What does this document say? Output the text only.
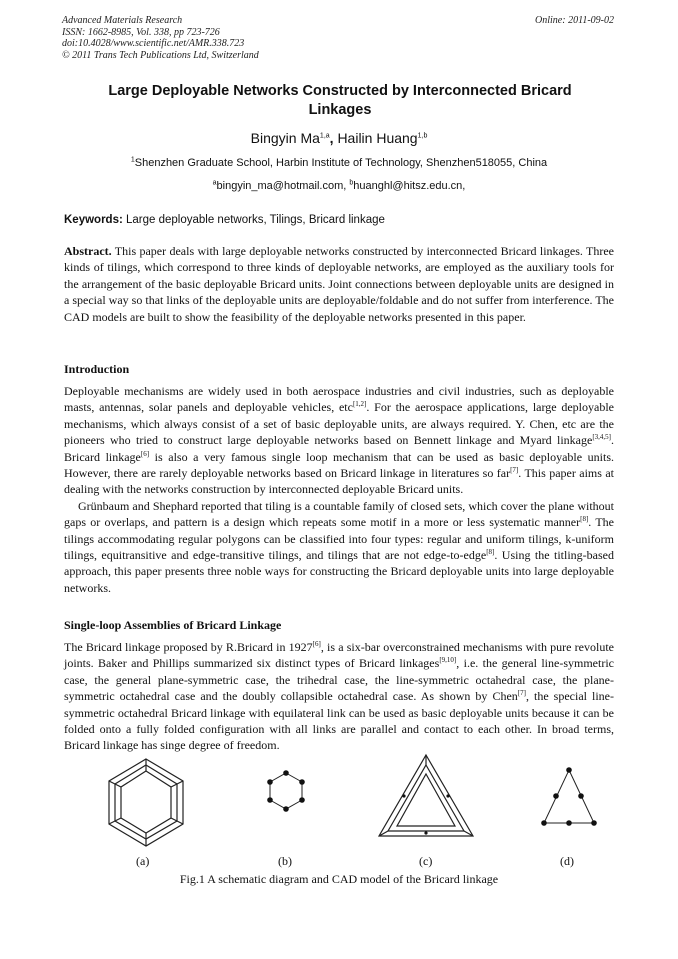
Advanced Materials Research
ISSN: 1662-8985, Vol. 338, pp 723-726
doi:10.4028/www.scientific.net/AMR.338.723
© 2011 Trans Tech Publications Ltd, Switzerland
Online: 2011-09-02
Large Deployable Networks Constructed by Interconnected Bricard Linkages
Bingyin Ma$^{1,a}$, Hailin Huang$^{1,b}$
$^1$Shenzhen Graduate School, Harbin Institute of Technology, Shenzhen518055, China
$^a$bingyin_ma@hotmail.com, $^b$huanghl@hitsz.edu.cn,
Keywords: Large deployable networks, Tilings, Bricard linkage

Abstract. This paper deals with large deployable networks constructed by interconnected Bricard linkages. Three kinds of tilings, which correspond to three kinds of deployable networks, are employed as the auxiliary tools for the arrangement of the basic deployable Bricard units. Joint connections between deployable units are designed in a special way so that links of the deployable units are deployable/foldable and do not suffer from interference. The CAD models are built to show the feasibility of the deployable networks presented in this paper.

Introduction

Deployable mechanisms are widely used in both aerospace industries and civil industries, such as deployable masts, antennas, solar panels and deployable vehicles, etc[1,2]. For the aerospace applications, large deployable mechanisms, which always consist of a set of basic deployable units, are always required. Y. Chen, etc are the pioneers who tried to construct large deployable networks based on Bennett linkage and Myard linkage[3,4,5]. Bricard linkage[6] is also a very famous single loop mechanism that can be used as basic deployable units. However, there are rarely deployable networks based on Bricard linkage in literatures so far[7]. This paper aims at dealing with the networks construction by interconnected deployable Bricard units.

Grünbaum and Shephard reported that tiling is a countable family of closed sets, which cover the plane without gaps or overlaps, and pattern is a design which repeats some motif in a more or less systematic manner[8]. The tilings accommodating regular polygons can be classified into four types: regular and uniform tilings, k-uniform tilings, equitransitive and edge-transitive tilings, and tilings that are not edge-to-edge[8]. Using the titling-based approach, this paper presents three noble ways for constructing the Bricard deployable units into large deployable networks.

Single-loop Assemblies of Bricard Linkage

The Bricard linkage proposed by R.Bricard in 1927[6], is a six-bar overconstrained mechanisms with pure revolute joints. Baker and Phillips summarized six distinct types of Bricard linkages[9,10], i.e. the general line-symmetric case, the general plane-symmetric case, the trihedral case, the line-symmetric octahedral case, the plane-symmetric octahedral case and the doubly collapsible octahedral case. As shown by Chen[7], the special line-symmetric octahedral Bricard linkage with equilateral link can be used as basic deployable units because it can be folded onto a fully folded configuration with all links are parallel and contact to each other. In broad terms, Bricard linkage has singe degree of freedom.

(a)	(b)	(c)	(d)
Fig.1 A schematic diagram and CAD model of the Bricard linkage
